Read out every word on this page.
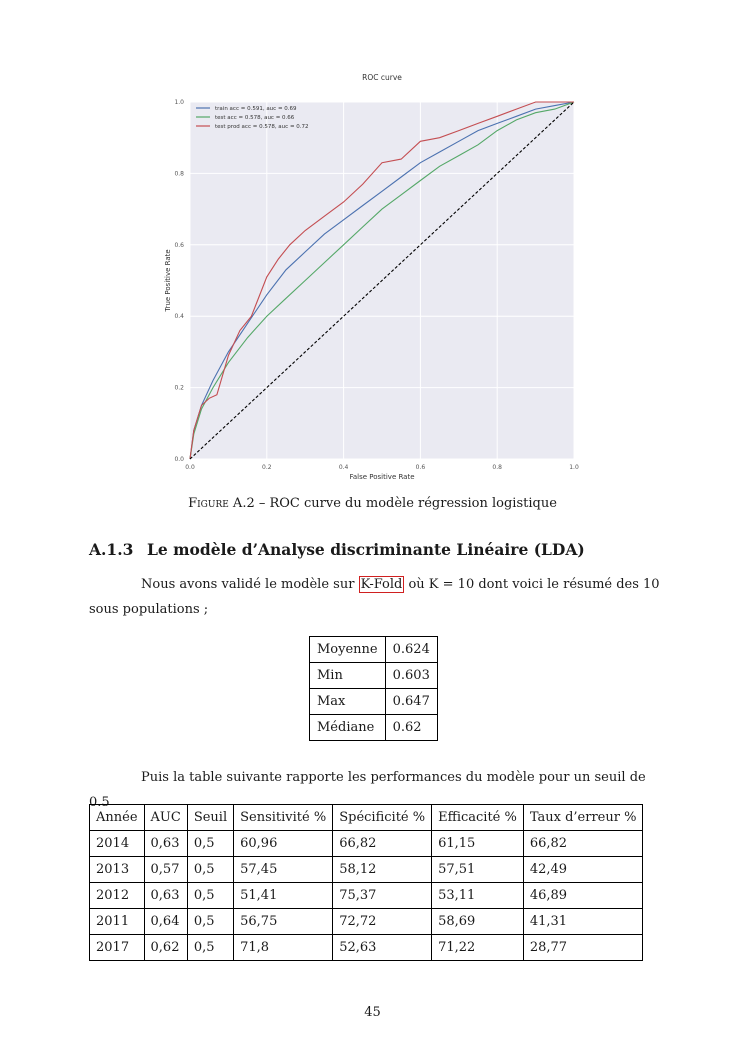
0.0	0.2	0.4	0.6	0.8	1.0
0.0
0.2
0.4
0.6
0.8
1.0
ROC curve
False Positive Rate
True Positive Rate
train acc = 0.591, auc = 0.69
test acc = 0.578, auc = 0.66
test prod acc = 0.578, auc = 0.72
Figure A.2 – ROC curve du modèle régression logistique
A.1.3 Le modèle d’Analyse discriminante Linéaire (LDA)
Nous avons validé le modèle sur K-Fold où K = 10 dont voici le résumé des 10 sous populations ;
Moyenne	0.624
Min	0.603
Max	0.647
Médiane	0.62
Puis la table suivante rapporte les performances du modèle pour un seuil de 0.5
Année	AUC	Seuil	Sensitivité %	Spécificité %	Efficacité %	Taux d’erreur %
2014	0,63	0,5	60,96	66,82	61,15	66,82
2013	0,57	0,5	57,45	58,12	57,51	42,49
2012	0,63	0,5	51,41	75,37	53,11	46,89
2011	0,64	0,5	56,75	72,72	58,69	41,31
2017	0,62	0,5	71,8	52,63	71,22	28,77
45
